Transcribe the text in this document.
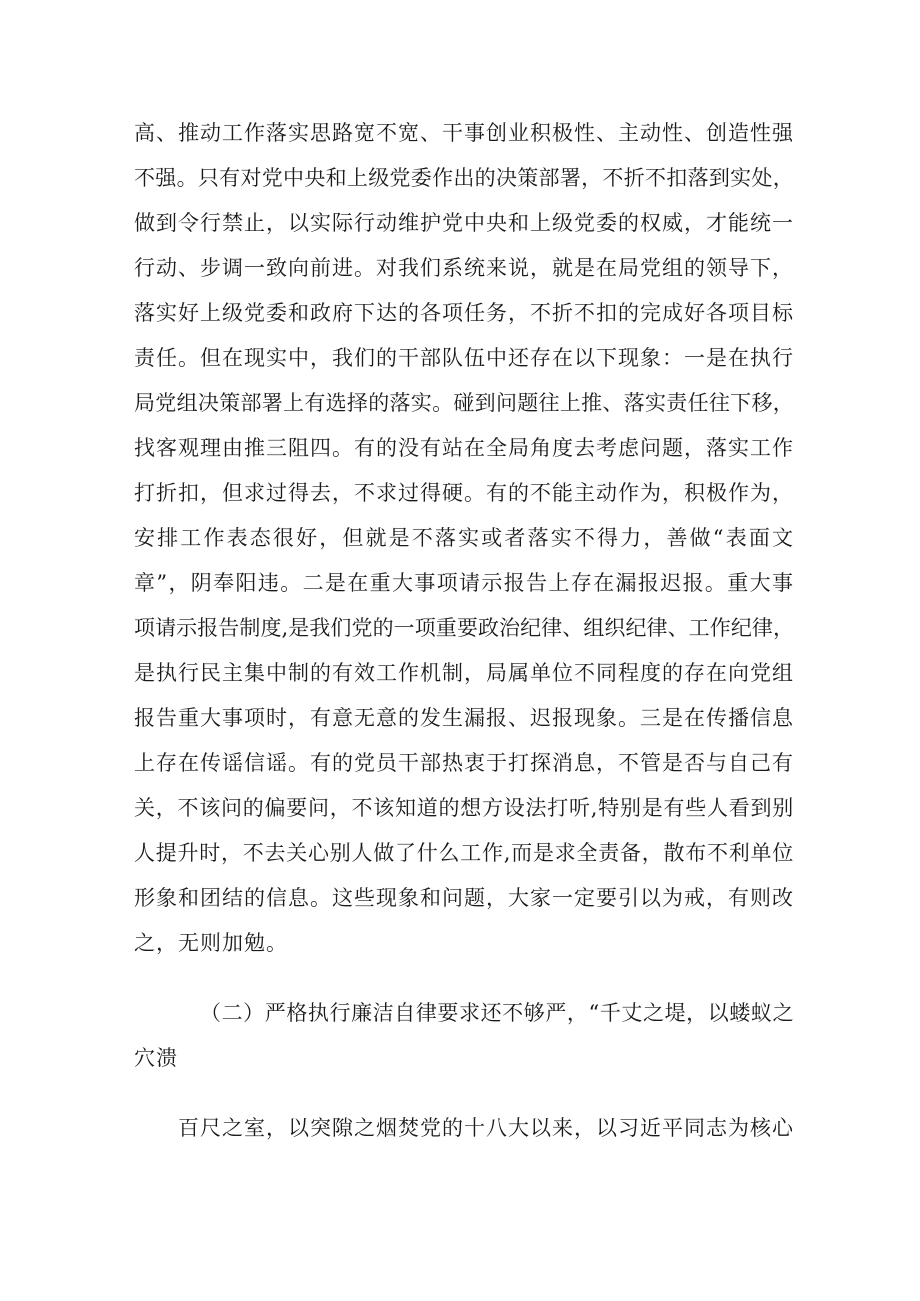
高、推动工作落实思路宽不宽、干事创业积极性、主动性、创造性强
不强。只有对党中央和上级党委作出的决策部署，不折不扣落到实处，
做到令行禁止，以实际行动维护党中央和上级党委的权威，才能统一
行动、步调一致向前进。对我们系统来说，就是在局党组的领导下，
落实好上级党委和政府下达的各项任务，不折不扣的完成好各项目标
责任。但在现实中，我们的干部队伍中还存在以下现象：一是在执行
局党组决策部署上有选择的落实。碰到问题往上推、落实责任往下移，
找客观理由推三阻四。有的没有站在全局角度去考虑问题，落实工作
打折扣，但求过得去，不求过得硬。有的不能主动作为，积极作为，
安排工作表态很好，但就是不落实或者落实不得力，善做“表面文
章”，阴奉阳违。二是在重大事项请示报告上存在漏报迟报。重大事
项请示报告制度,是我们党的一项重要政治纪律、组织纪律、工作纪律，
是执行民主集中制的有效工作机制，局属单位不同程度的存在向党组
报告重大事项时，有意无意的发生漏报、迟报现象。三是在传播信息
上存在传谣信谣。有的党员干部热衷于打探消息，不管是否与自己有
关，不该问的偏要问，不该知道的想方设法打听,特别是有些人看到别
人提升时，不去关心别人做了什么工作,而是求全责备，散布不利单位
形象和团结的信息。这些现象和问题，大家一定要引以为戒，有则改
之，无则加勉。
（二）严格执行廉洁自律要求还不够严，“千丈之堤，以蝼蚁之
穴溃
百尺之室，以突隙之烟焚党的十八大以来，以习近平同志为核心
